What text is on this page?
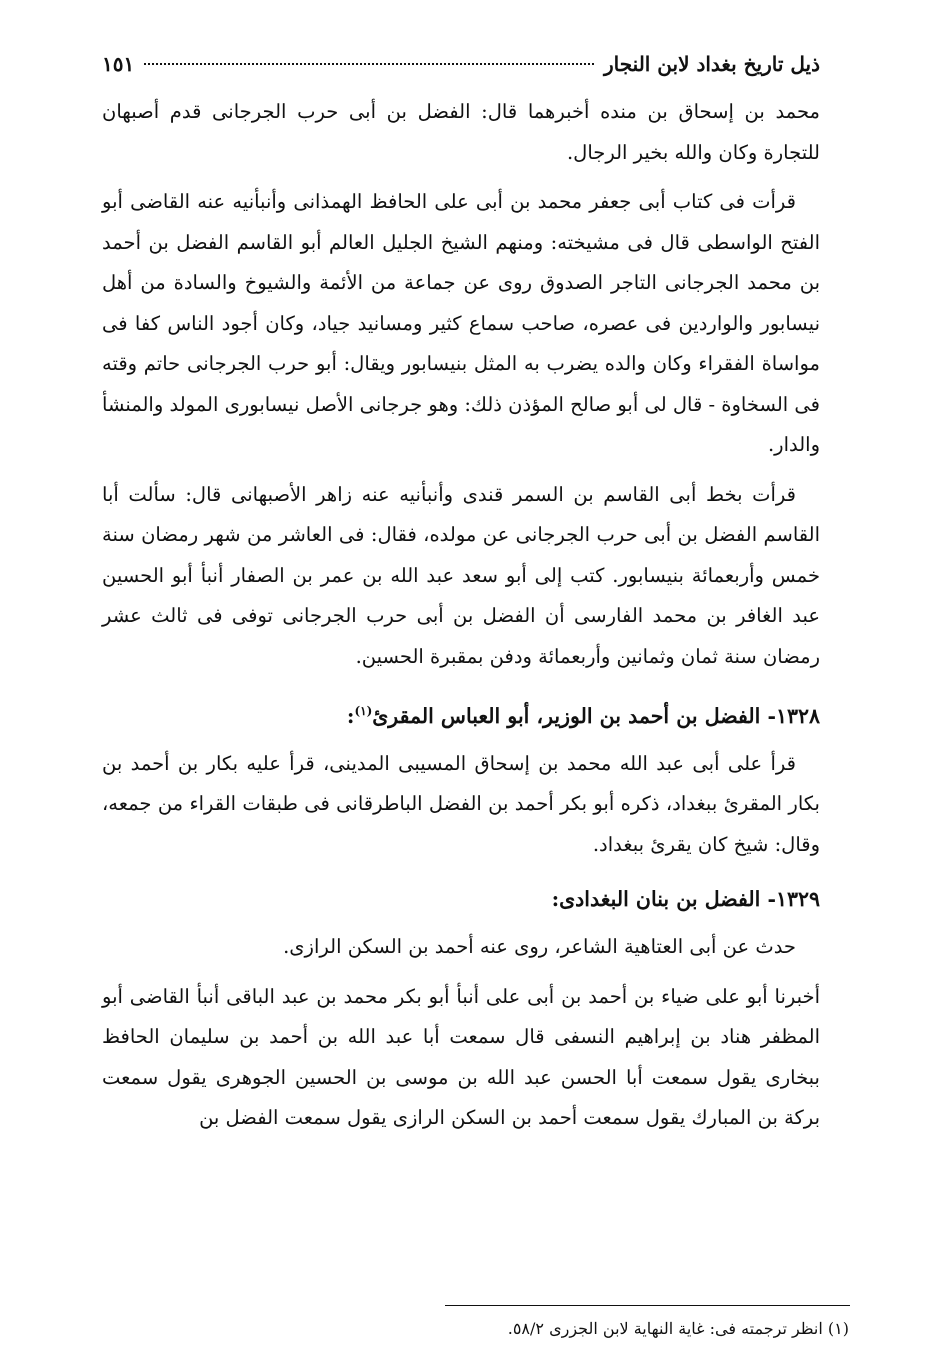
ذيل تاريخ بغداد لابن النجار
١٥١

محمد بن إسحاق بن منده أخبرهما قال: الفضل بن أبى حرب الجرجانى قدم أصبهان للتجارة وكان والله بخير الرجال.

قرأت فى كتاب أبى جعفر محمد بن أبى على الحافظ الهمذانى وأنبأنيه عنه القاضى أبو الفتح الواسطى قال فى مشيخته: ومنهم الشيخ الجليل العالم أبو القاسم الفضل بن أحمد بن محمد الجرجانى التاجر الصدوق روى عن جماعة من الأئمة والشيوخ والسادة من أهل نيسابور والواردين فى عصره، صاحب سماع كثير ومسانيد جياد، وكان أجود الناس كفا فى مواساة الفقراء وكان والده يضرب به المثل بنيسابور ويقال: أبو حرب الجرجانى حاتم وقته فى السخاوة - قال لى أبو صالح المؤذن ذلك: وهو جرجانى الأصل نيسابورى المولد والمنشأ والدار.

قرأت بخط أبى القاسم بن السمر قندى وأنبأنيه عنه زاهر الأصبهانى قال: سألت أبا القاسم الفضل بن أبى حرب الجرجانى عن مولده، فقال: فى العاشر من شهر رمضان سنة خمس وأربعمائة بنيسابور. كتب إلى أبو سعد عبد الله بن عمر بن الصفار أنبأ أبو الحسين عبد الغافر بن محمد الفارسى أن الفضل بن أبى حرب الجرجانى توفى فى ثالث عشر رمضان سنة ثمان وثمانين وأربعمائة ودفن بمقبرة الحسين.

١٣٢٨- الفضل بن أحمد بن الوزير، أبو العباس المقرئ$^{(١)}$:

قرأ على أبى عبد الله محمد بن إسحاق المسيبى المدينى، قرأ عليه بكار بن أحمد بن بكار المقرئ ببغداد، ذكره أبو بكر أحمد بن الفضل الباطرقانى فى طبقات القراء من جمعه، وقال: شيخ كان يقرئ ببغداد.

١٣٢٩- الفضل بن بنان البغدادى:

حدث عن أبى العتاهية الشاعر، روى عنه أحمد بن السكن الرازى.

أخبرنا أبو على ضياء بن أحمد بن أبى على أنبأ أبو بكر محمد بن عبد الباقى أنبأ القاضى أبو المظفر هناد بن إبراهيم النسفى قال سمعت أبا عبد الله بن أحمد بن سليمان الحافظ ببخارى يقول سمعت أبا الحسن عبد الله بن موسى بن الحسين الجوهرى يقول سمعت بركة بن المبارك يقول سمعت أحمد بن السكن الرازى يقول سمعت الفضل بن

(١) انظر ترجمته فى: غاية النهاية لابن الجزرى ٥٨/٢.
